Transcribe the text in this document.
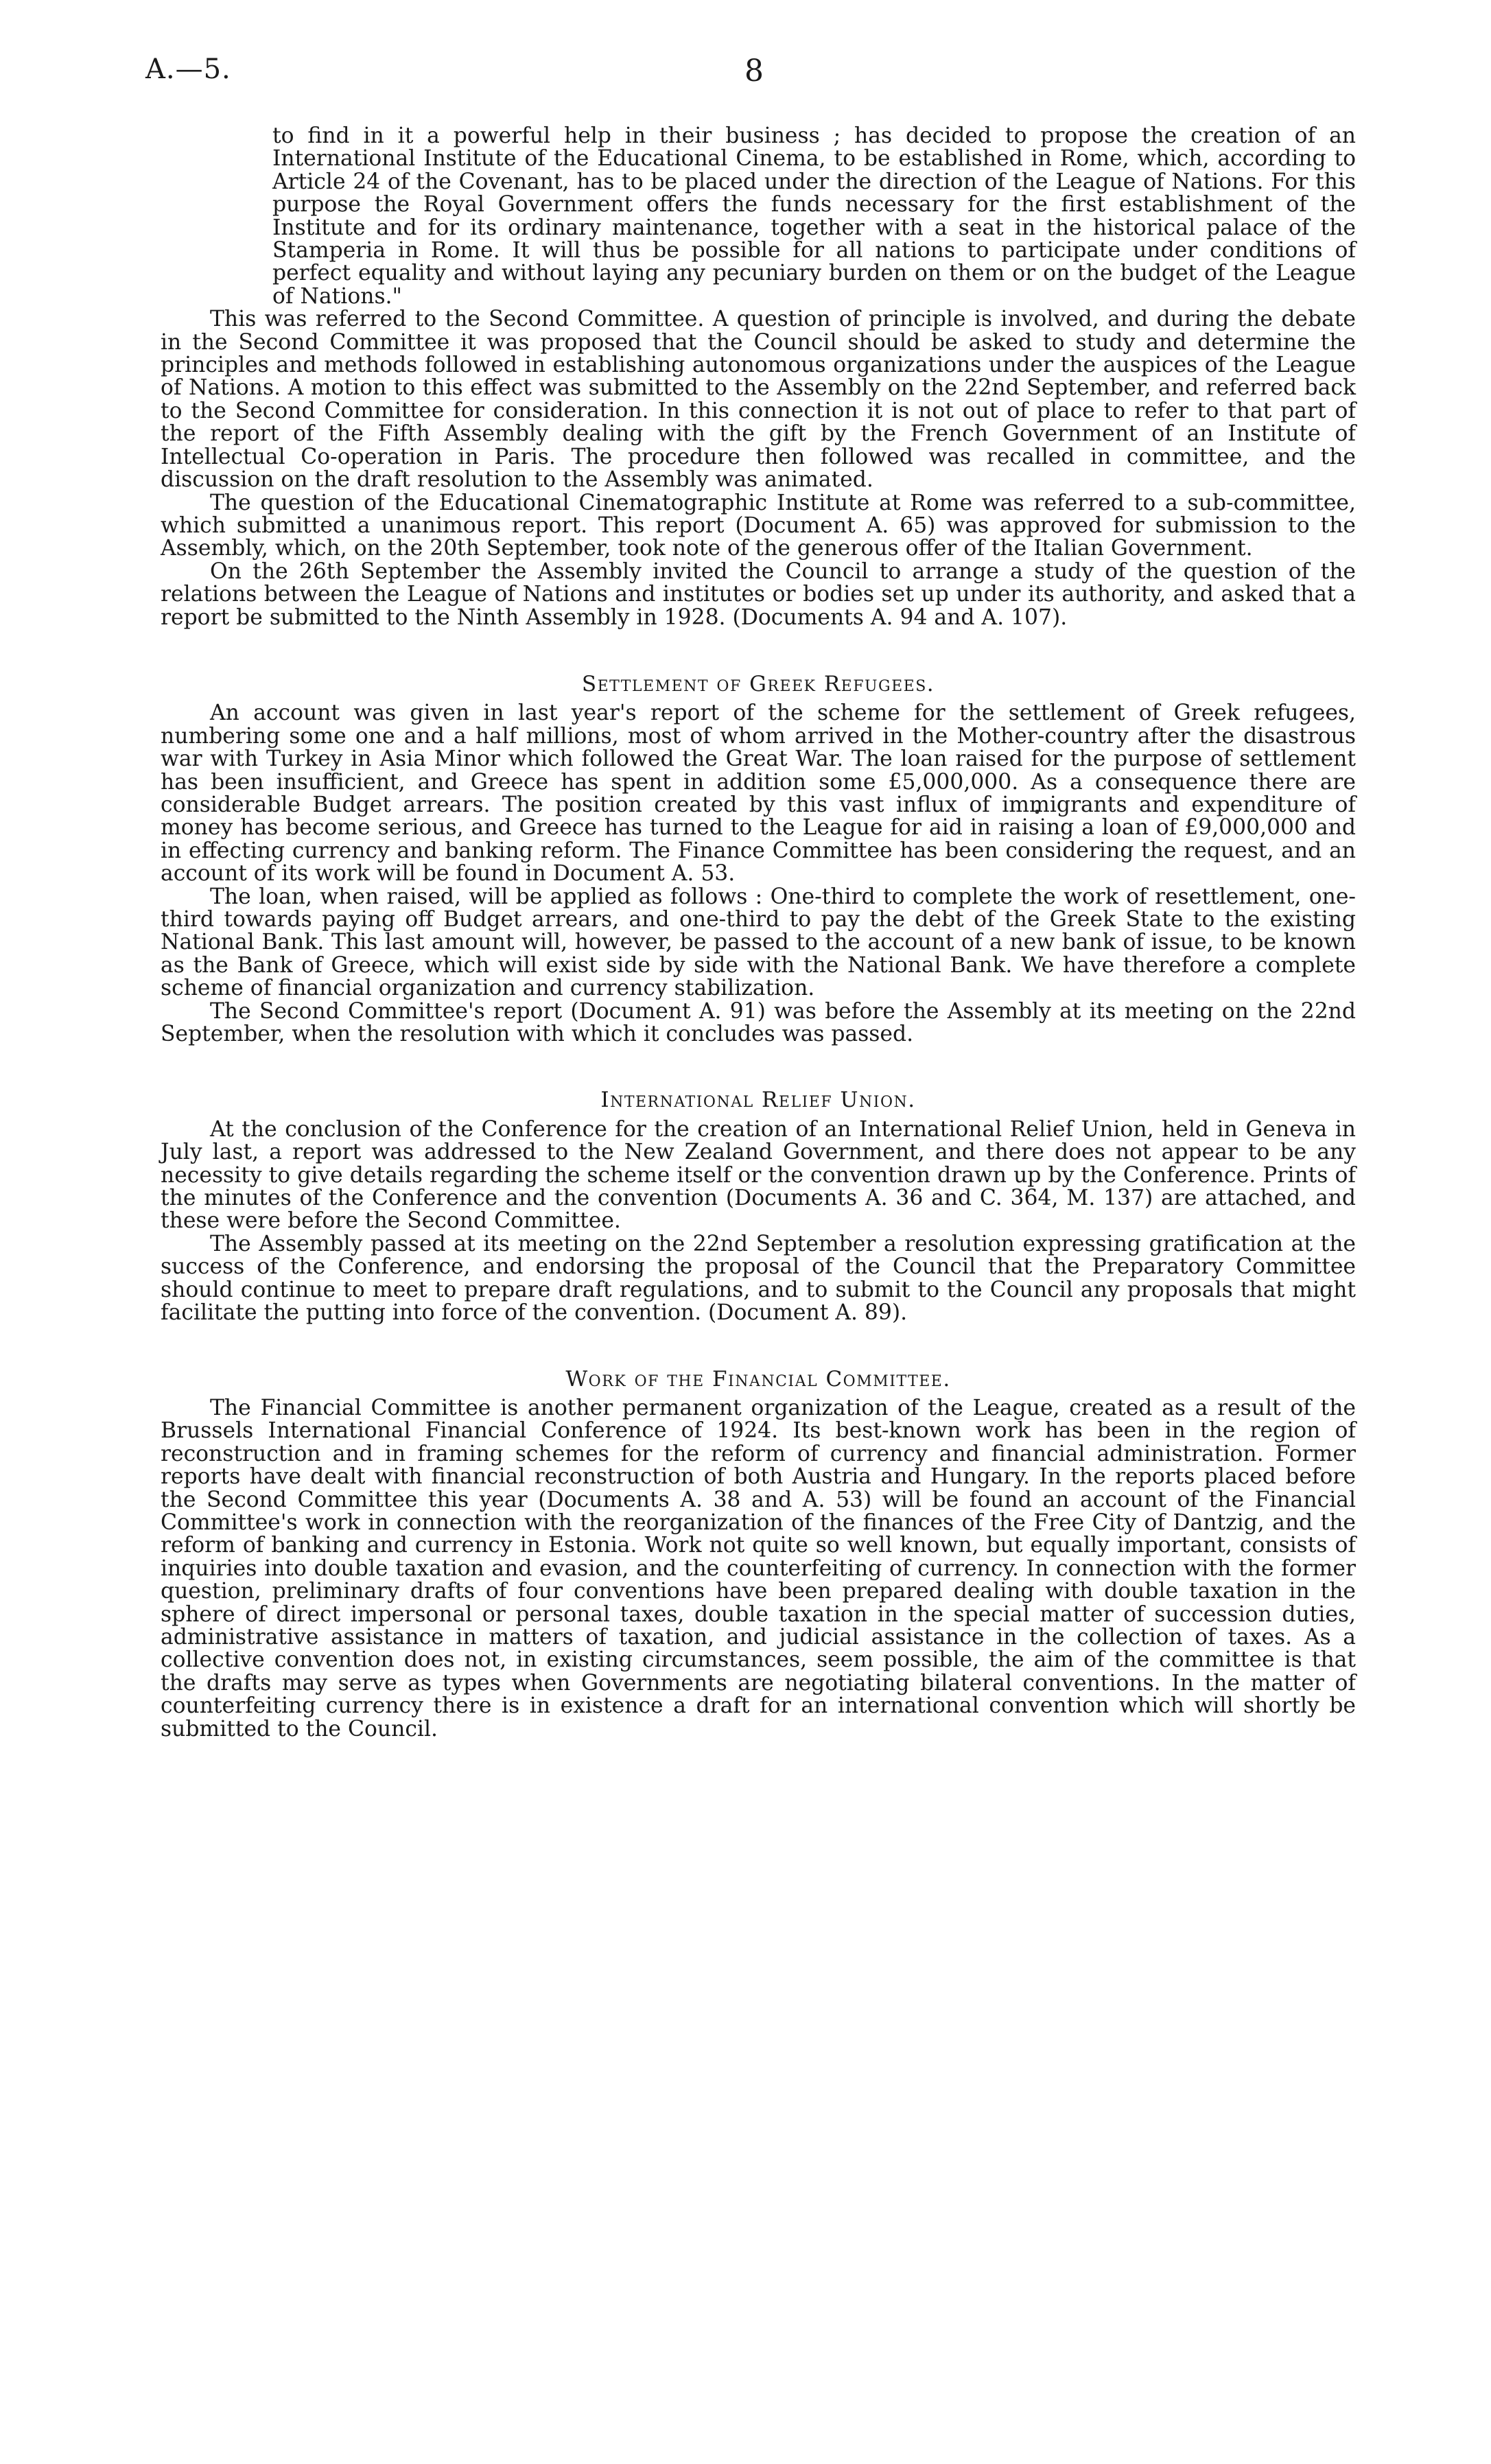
A.—5.	8
to find in it a powerful help in their business ; has decided to propose the creation of an International Institute of the Educational Cinema, to be established in Rome, which, according to Article 24 of the Covenant, has to be placed under the direction of the League of Nations. For this purpose the Royal Government offers the funds necessary for the first establishment of the Institute and for its ordinary maintenance, together with a seat in the historical palace of the Stamperia in Rome. It will thus be possible for all nations to participate under conditions of perfect equality and without laying any pecuniary burden on them or on the budget of the League of Nations."

This was referred to the Second Committee. A question of principle is involved, and during the debate in the Second Committee it was proposed that the Council should be asked to study and determine the principles and methods followed in establishing autonomous organizations under the auspices of the League of Nations. A motion to this effect was submitted to the Assembly on the 22nd September, and referred back to the Second Committee for consideration. In this connection it is not out of place to refer to that part of the report of the Fifth Assembly dealing with the gift by the French Government of an Institute of Intellectual Co-operation in Paris. The procedure then followed was recalled in committee, and the discussion on the draft resolution to the Assembly was animated.

The question of the Educational Cinematographic Institute at Rome was referred to a sub-committee, which submitted a unanimous report. This report (Document A. 65) was approved for submission to the Assembly, which, on the 20th September, took note of the generous offer of the Italian Government.

On the 26th September the Assembly invited the Council to arrange a study of the question of the relations between the League of Nations and institutes or bodies set up under its authority, and asked that a report be submitted to the Ninth Assembly in 1928. (Documents A. 94 and A. 107).

Settlement of Greek Refugees.

An account was given in last year's report of the scheme for the settlement of Greek refugees, numbering some one and a half millions, most of whom arrived in the Mother-country after the disastrous war with Turkey in Asia Minor which followed the Great War. The loan raised for the purpose of settlement has been insufficient, and Greece has spent in addition some £5,000,000. As a consequence there are considerable Budget arrears. The position created by this vast influx of immigrants and expenditure of money has become serious, and Greece has turned to the League for aid in raising a loan of £9,000,000 and in effecting currency and banking reform. The Finance Committee has been considering the request, and an account of its work will be found in Document A. 53.

The loan, when raised, will be applied as follows : One-third to complete the work of resettlement, one-third towards paying off Budget arrears, and one-third to pay the debt of the Greek State to the existing National Bank. This last amount will, however, be passed to the account of a new bank of issue, to be known as the Bank of Greece, which will exist side by side with the National Bank. We have therefore a complete scheme of financial organization and currency stabilization.

The Second Committee's report (Document A. 91) was before the Assembly at its meeting on the 22nd September, when the resolution with which it concludes was passed.

International Relief Union.

At the conclusion of the Conference for the creation of an International Relief Union, held in Geneva in July last, a report was addressed to the New Zealand Government, and there does not appear to be any necessity to give details regarding the scheme itself or the convention drawn up by the Conference. Prints of the minutes of the Conference and the convention (Documents A. 36 and C. 364, M. 137) are attached, and these were before the Second Committee.

The Assembly passed at its meeting on the 22nd September a resolution expressing gratification at the success of the Conference, and endorsing the proposal of the Council that the Preparatory Committee should continue to meet to prepare draft regulations, and to submit to the Council any proposals that might facilitate the putting into force of the convention. (Document A. 89).

Work of the Financial Committee.

The Financial Committee is another permanent organization of the League, created as a result of the Brussels International Financial Conference of 1924. Its best-known work has been in the region of reconstruction and in framing schemes for the reform of currency and financial administration. Former reports have dealt with financial reconstruction of both Austria and Hungary. In the reports placed before the Second Committee this year (Documents A. 38 and A. 53) will be found an account of the Financial Committee's work in connection with the reorganization of the finances of the Free City of Dantzig, and the reform of banking and currency in Estonia. Work not quite so well known, but equally important, consists of inquiries into double taxation and evasion, and the counterfeiting of currency. In connection with the former question, preliminary drafts of four conventions have been prepared dealing with double taxation in the sphere of direct impersonal or personal taxes, double taxation in the special matter of succession duties, administrative assistance in matters of taxation, and judicial assistance in the collection of taxes. As a collective convention does not, in existing circumstances, seem possible, the aim of the committee is that the drafts may serve as types when Governments are negotiating bilateral conventions. In the matter of counterfeiting currency there is in existence a draft for an international convention which will shortly be submitted to the Council.
